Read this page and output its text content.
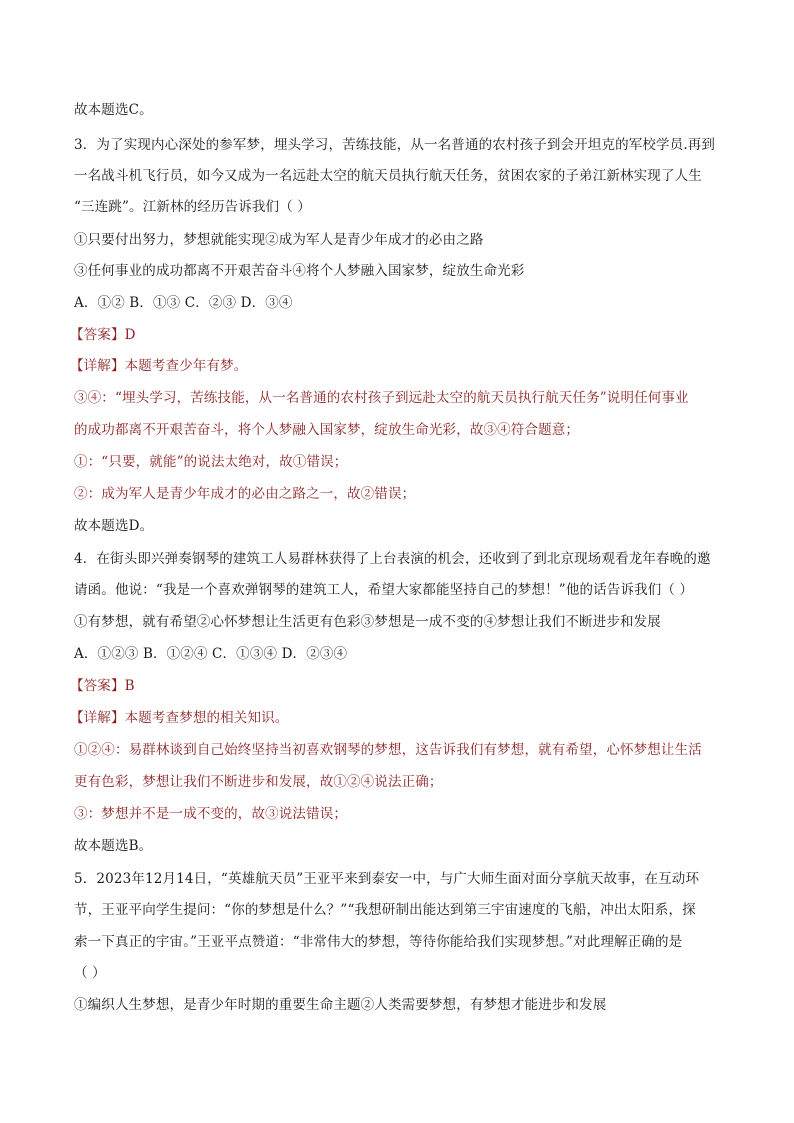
故本题选C。
3．为了实现内心深处的参军梦，埋头学习，苦练技能，从一名普通的农村孩子到会开坦克的军校学员.再到
一名战斗机飞行员，如今又成为一名远赴太空的航天员执行航天任务，贫困农家的子弟江新林实现了人生
“三连跳”。江新林的经历告诉我们（ ）
①只要付出努力，梦想就能实现②成为军人是青少年成才的必由之路
③任何事业的成功都离不开艰苦奋斗④将个人梦融入国家梦，绽放生命光彩
A．①② B．①③ C．②③ D．③④
【答案】D
【详解】本题考查少年有梦。
③④：“埋头学习，苦练技能，从一名普通的农村孩子到远赴太空的航天员执行航天任务”说明任何事业
的成功都离不开艰苦奋斗，将个人梦融入国家梦，绽放生命光彩，故③④符合题意；
①：“只要，就能”的说法太绝对，故①错误；
②：成为军人是青少年成才的必由之路之一，故②错误；
故本题选D。
4．在街头即兴弹奏钢琴的建筑工人易群林获得了上台表演的机会，还收到了到北京现场观看龙年春晚的邀
请函。他说：“我是一个喜欢弹钢琴的建筑工人，希望大家都能坚持自己的梦想！”他的话告诉我们（ ）
①有梦想，就有希望②心怀梦想让生活更有色彩③梦想是一成不变的④梦想让我们不断进步和发展
A．①②③ B．①②④ C．①③④ D．②③④
【答案】B
【详解】本题考查梦想的相关知识。
①②④：易群林谈到自己始终坚持当初喜欢钢琴的梦想，这告诉我们有梦想，就有希望，心怀梦想让生活
更有色彩，梦想让我们不断进步和发展，故①②④说法正确；
③：梦想并不是一成不变的，故③说法错误；
故本题选B。
5．2023年12月14日，“英雄航天员”王亚平来到泰安一中，与广大师生面对面分享航天故事，在互动环
节，王亚平向学生提问：“你的梦想是什么？”“我想研制出能达到第三宇宙速度的飞船，冲出太阳系，探
索一下真正的宇宙。”王亚平点赞道：“非常伟大的梦想，等待你能给我们实现梦想。”对此理解正确的是
（ ）
①编织人生梦想，是青少年时期的重要生命主题②人类需要梦想，有梦想才能进步和发展
